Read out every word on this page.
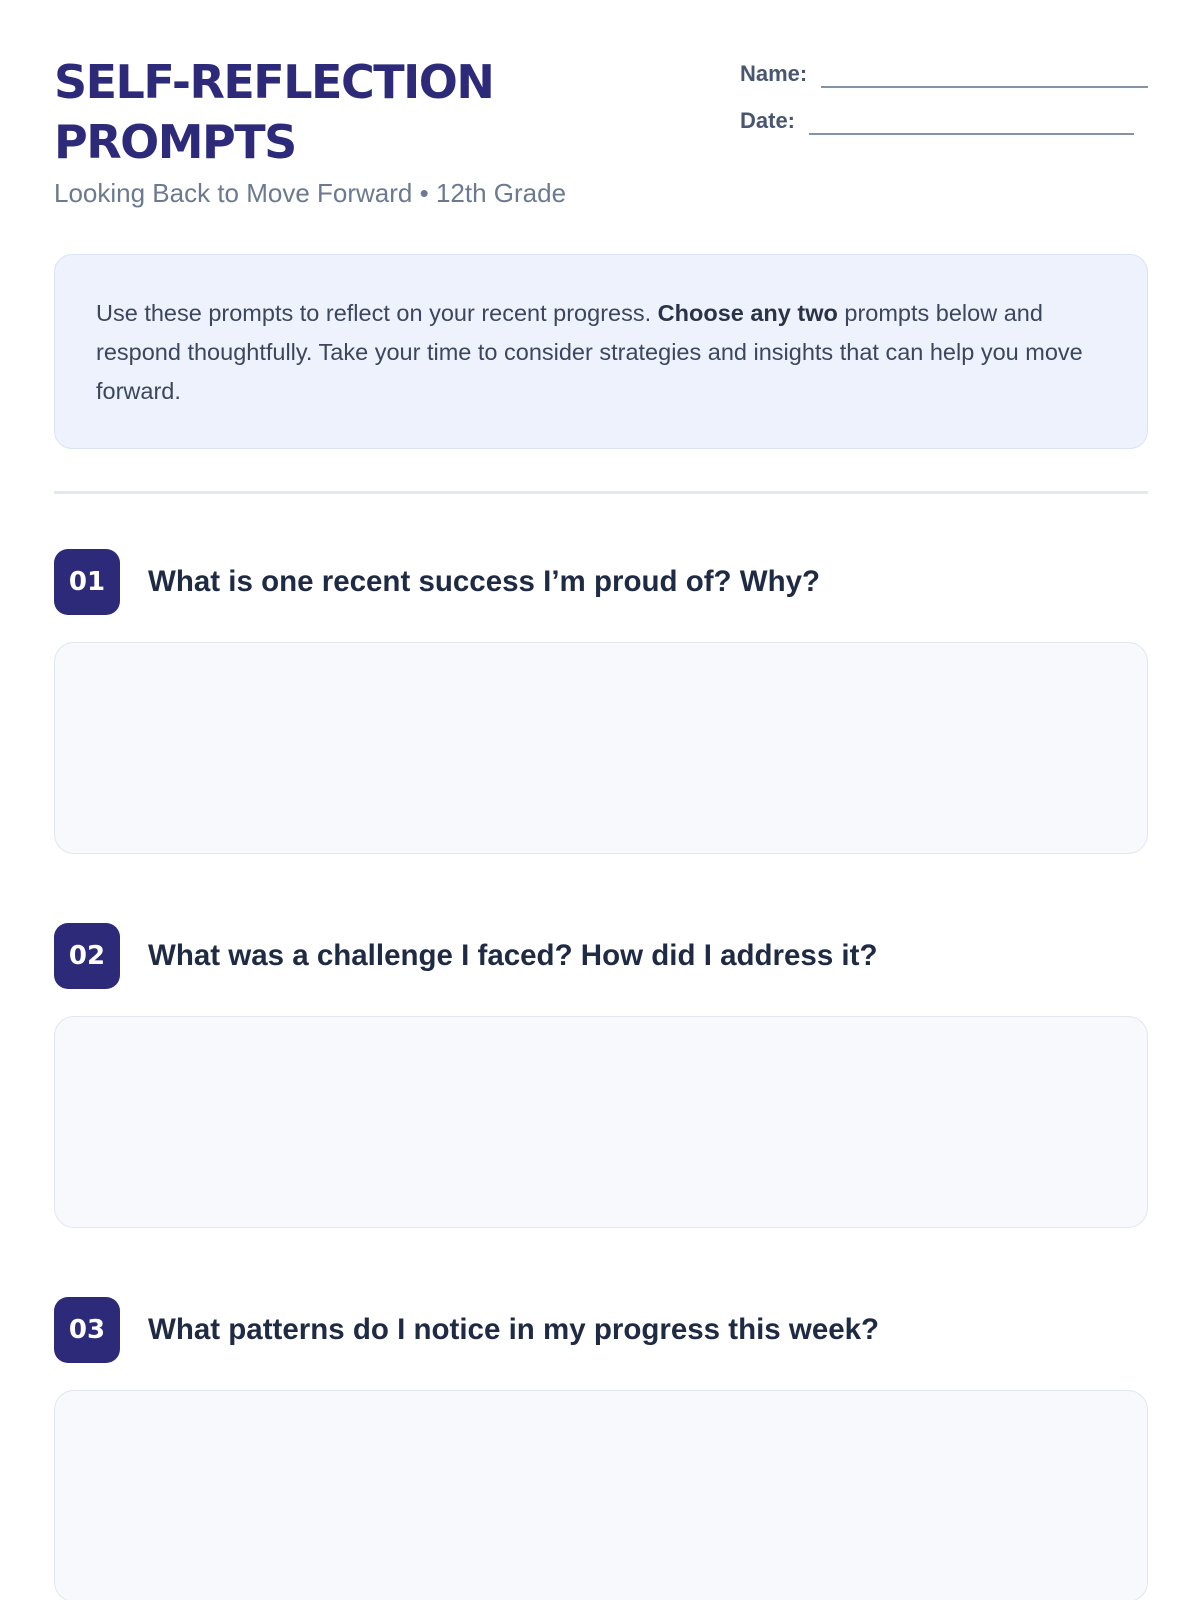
SELF-REFLECTION PROMPTS
Looking Back to Move Forward • 12th Grade
Name:
Date:
Use these prompts to reflect on your recent progress. Choose any two prompts below and respond thoughtfully. Take your time to consider strategies and insights that can help you move forward.
01	What is one recent success I’m proud of? Why?
02	What was a challenge I faced? How did I address it?
03	What patterns do I notice in my progress this week?
